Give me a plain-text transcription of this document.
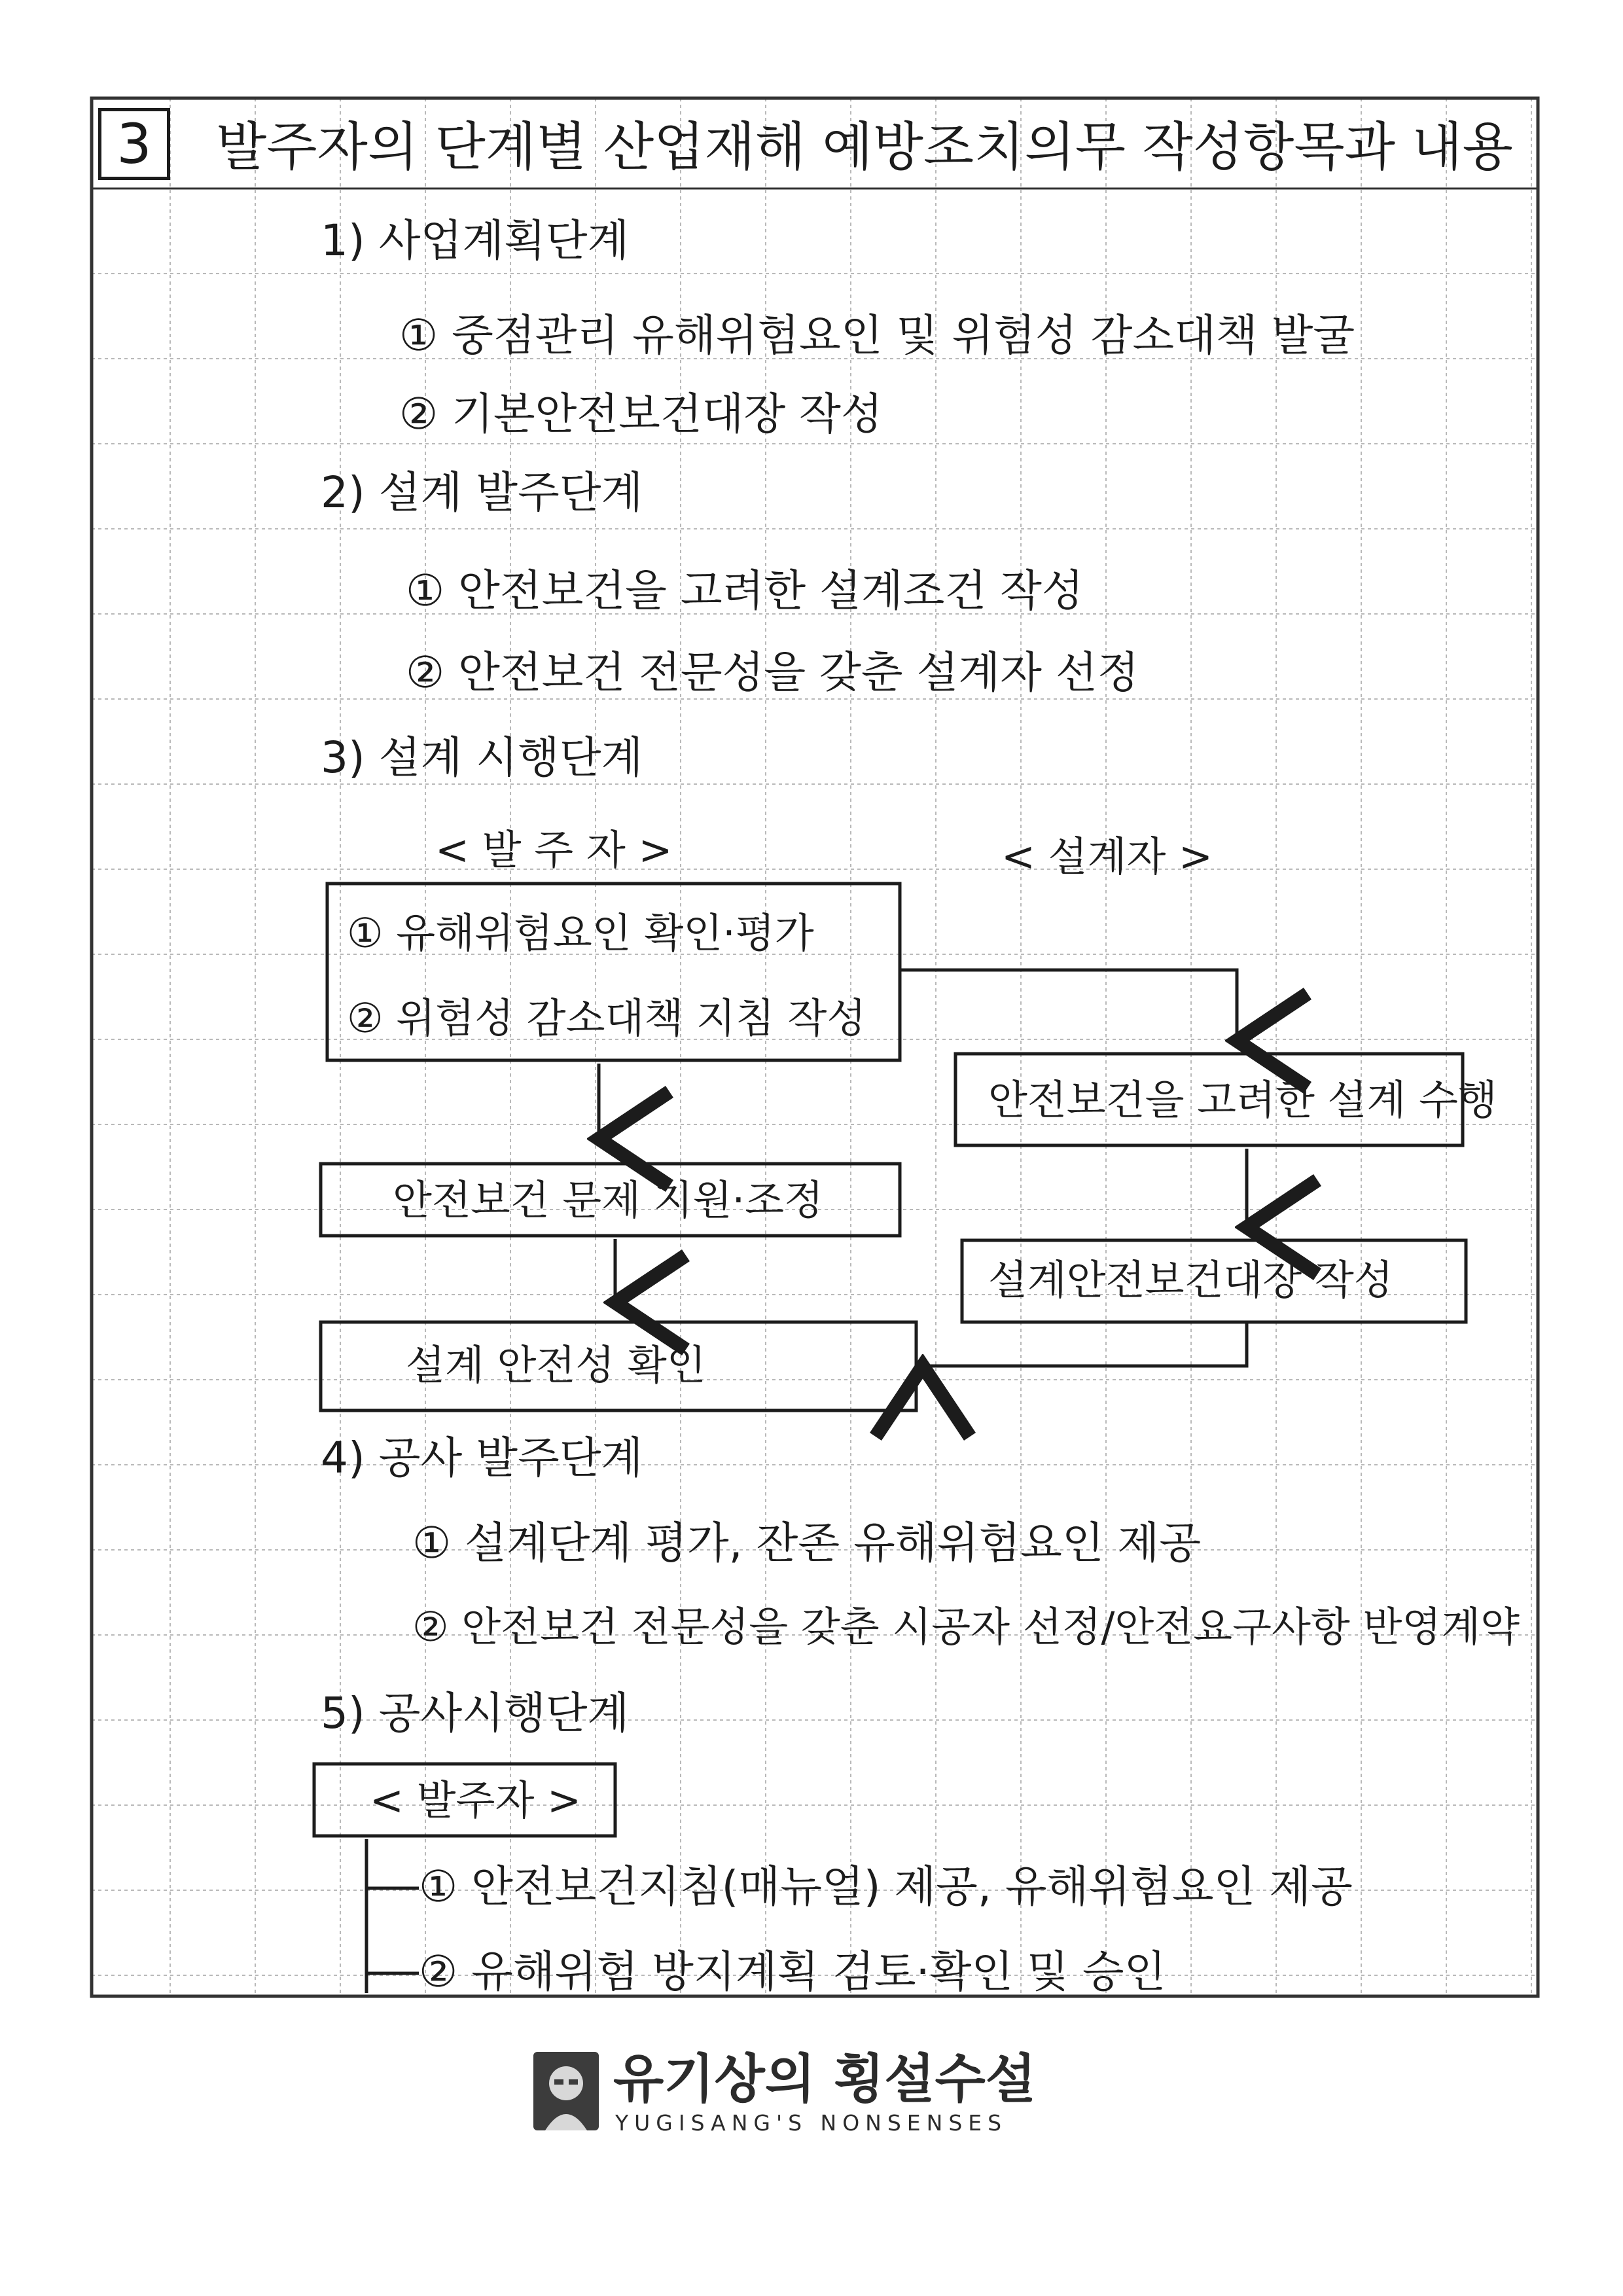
3	발주자의 단계별 산업재해 예방조치의무 작성항목과 내용
1) 사업계획단계
① 중점관리 유해위험요인 및 위험성 감소대책 발굴
② 기본안전보건대장 작성
2) 설계 발주단계
① 안전보건을 고려한 설계조건 작성
② 안전보건 전문성을 갖춘 설계자 선정
3) 설계 시행단계
< 발 주 자 >	< 설계자 >
① 유해위험요인 확인·평가
② 위험성 감소대책 지침 작성
안전보건을 고려한 설계 수행
안전보건 문제 지원·조정
설계안전보건대장 작성
설계 안전성 확인
4) 공사 발주단계
① 설계단계 평가, 잔존 유해위험요인 제공
② 안전보건 전문성을 갖춘 시공자 선정/안전요구사항 반영계약
5) 공사시행단계
< 발주자 >
① 안전보건지침(매뉴얼) 제공, 유해위험요인 제공
② 유해위험 방지계획 검토·확인 및 승인
유기상의 횡설수설
YUGISANG'S NONSENSES
